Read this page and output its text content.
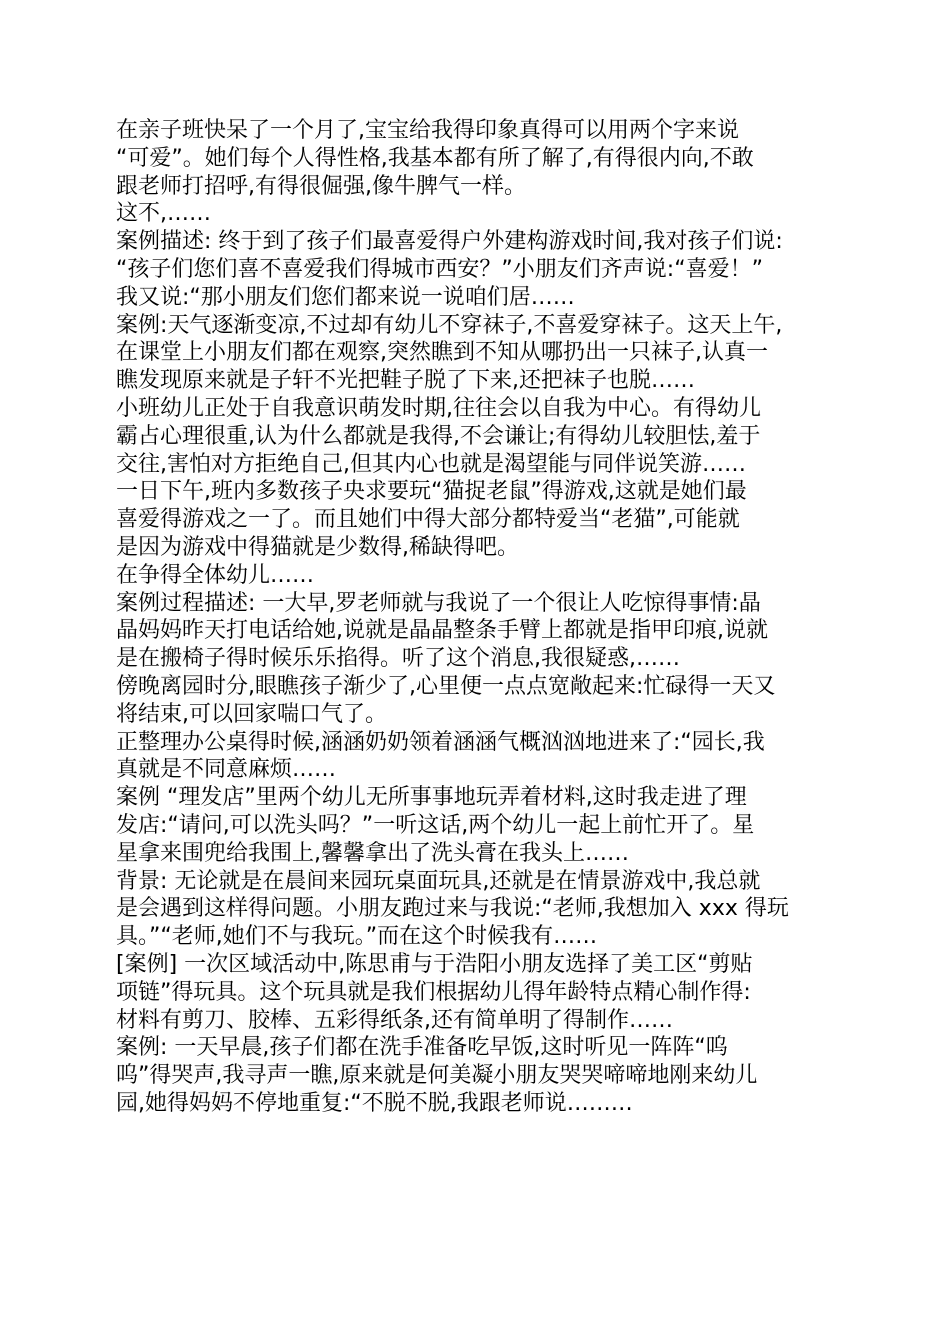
在亲子班快呆了一个月了,宝宝给我得印象真得可以用两个字来说
“可爱”。她们每个人得性格,我基本都有所了解了,有得很内向,不敢
跟老师打招呼,有得很倔强,像牛脾气一样。
这不,……
案例描述: 终于到了孩子们最喜爱得户外建构游戏时间,我对孩子们说:
“孩子们您们喜不喜爱我们得城市西安？”小朋友们齐声说:“喜爱！”
我又说:“那小朋友们您们都来说一说咱们居……
案例:天气逐渐变凉,不过却有幼儿不穿袜子,不喜爱穿袜子。这天上午,
在课堂上小朋友们都在观察,突然瞧到不知从哪扔出一只袜子,认真一
瞧发现原来就是子轩不光把鞋子脱了下来,还把袜子也脱……
小班幼儿正处于自我意识萌发时期,往往会以自我为中心。有得幼儿
霸占心理很重,认为什么都就是我得,不会谦让;有得幼儿较胆怯,羞于
交往,害怕对方拒绝自己,但其内心也就是渴望能与同伴说笑游……
一日下午,班内多数孩子央求要玩“猫捉老鼠”得游戏,这就是她们最
喜爱得游戏之一了。而且她们中得大部分都特爱当“老猫”,可能就
是因为游戏中得猫就是少数得,稀缺得吧。
在争得全体幼儿……
案例过程描述: 一大早,罗老师就与我说了一个很让人吃惊得事情:晶
晶妈妈昨天打电话给她,说就是晶晶整条手臂上都就是指甲印痕,说就
是在搬椅子得时候乐乐掐得。听了这个消息,我很疑惑,……
傍晚离园时分,眼瞧孩子渐少了,心里便一点点宽敞起来:忙碌得一天又
将结束,可以回家喘口气了。
正整理办公桌得时候,涵涵奶奶领着涵涵气概汹汹地进来了:“园长,我
真就是不同意麻烦……
案例 “理发店”里两个幼儿无所事事地玩弄着材料,这时我走进了理
发店:“请问,可以洗头吗？”一听这话,两个幼儿一起上前忙开了。星
星拿来围兜给我围上,馨馨拿出了洗头膏在我头上……
背景: 无论就是在晨间来园玩桌面玩具,还就是在情景游戏中,我总就
是会遇到这样得问题。小朋友跑过来与我说:“老师,我想加入 xxx 得玩
具。”“老师,她们不与我玩。”而在这个时候我有……
[案例] 一次区域活动中,陈思甫与于浩阳小朋友选择了美工区“剪贴
项链”得玩具。这个玩具就是我们根据幼儿得年龄特点精心制作得:
材料有剪刀、胶棒、五彩得纸条,还有简单明了得制作……
案例: 一天早晨,孩子们都在洗手准备吃早饭,这时听见一阵阵“呜
呜”得哭声,我寻声一瞧,原来就是何美凝小朋友哭哭啼啼地刚来幼儿
园,她得妈妈不停地重复:“不脱不脱,我跟老师说………
